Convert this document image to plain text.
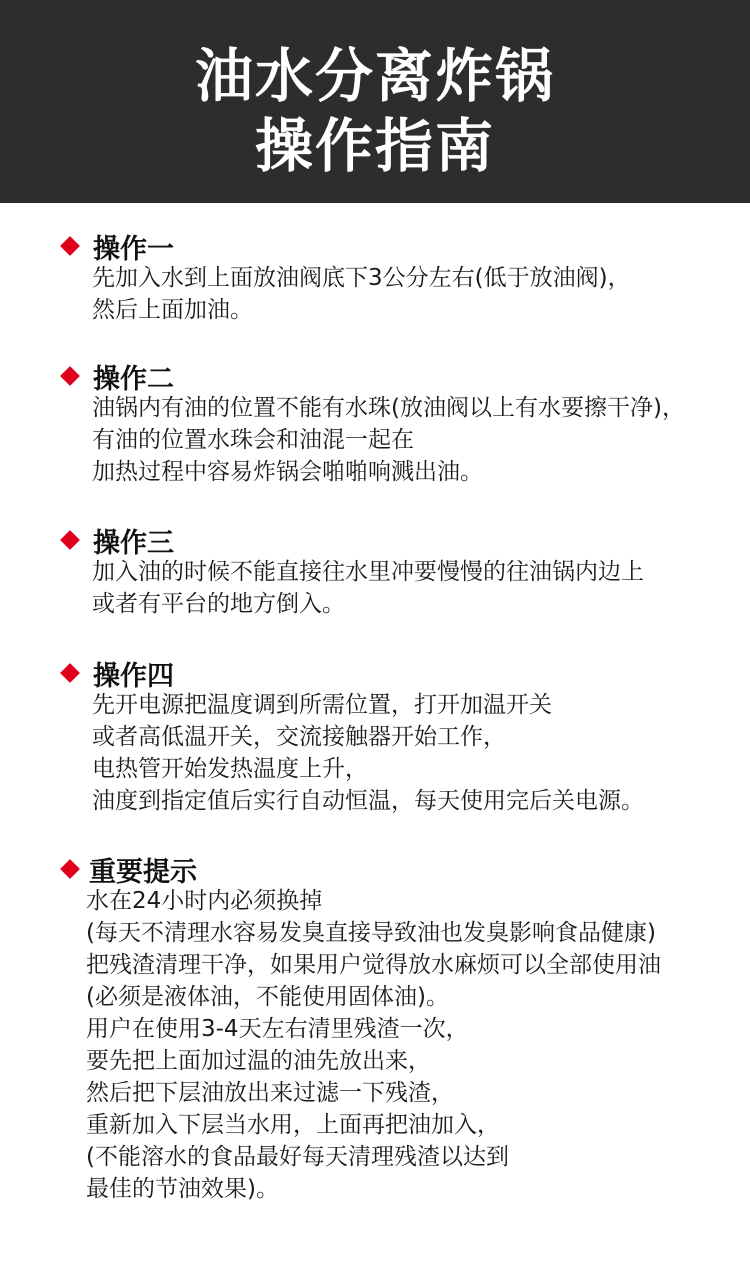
油水分离炸锅
操作指南
操作一
先加入水到上面放油阀底下3公分左右(低于放油阀)，
然后上面加油。
操作二
油锅内有油的位置不能有水珠(放油阀以上有水要擦干净)，
有油的位置水珠会和油混一起在
加热过程中容易炸锅会啪啪响溅出油。
操作三
加入油的时候不能直接往水里冲要慢慢的往油锅内边上
或者有平台的地方倒入。
操作四
先开电源把温度调到所需位置，打开加温开关
或者高低温开关，交流接触器开始工作，
电热管开始发热温度上升，
油度到指定值后实行自动恒温，每天使用完后关电源。
重要提示
水在24小时内必须换掉
(每天不清理水容易发臭直接导致油也发臭影响食品健康)
把残渣清理干净，如果用户觉得放水麻烦可以全部使用油
(必须是液体油，不能使用固体油)。
用户在使用3-4天左右清里残渣一次，
要先把上面加过温的油先放出来，
然后把下层油放出来过滤一下残渣，
重新加入下层当水用，上面再把油加入，
(不能溶水的食品最好每天清理残渣以达到
最佳的节油效果)。
